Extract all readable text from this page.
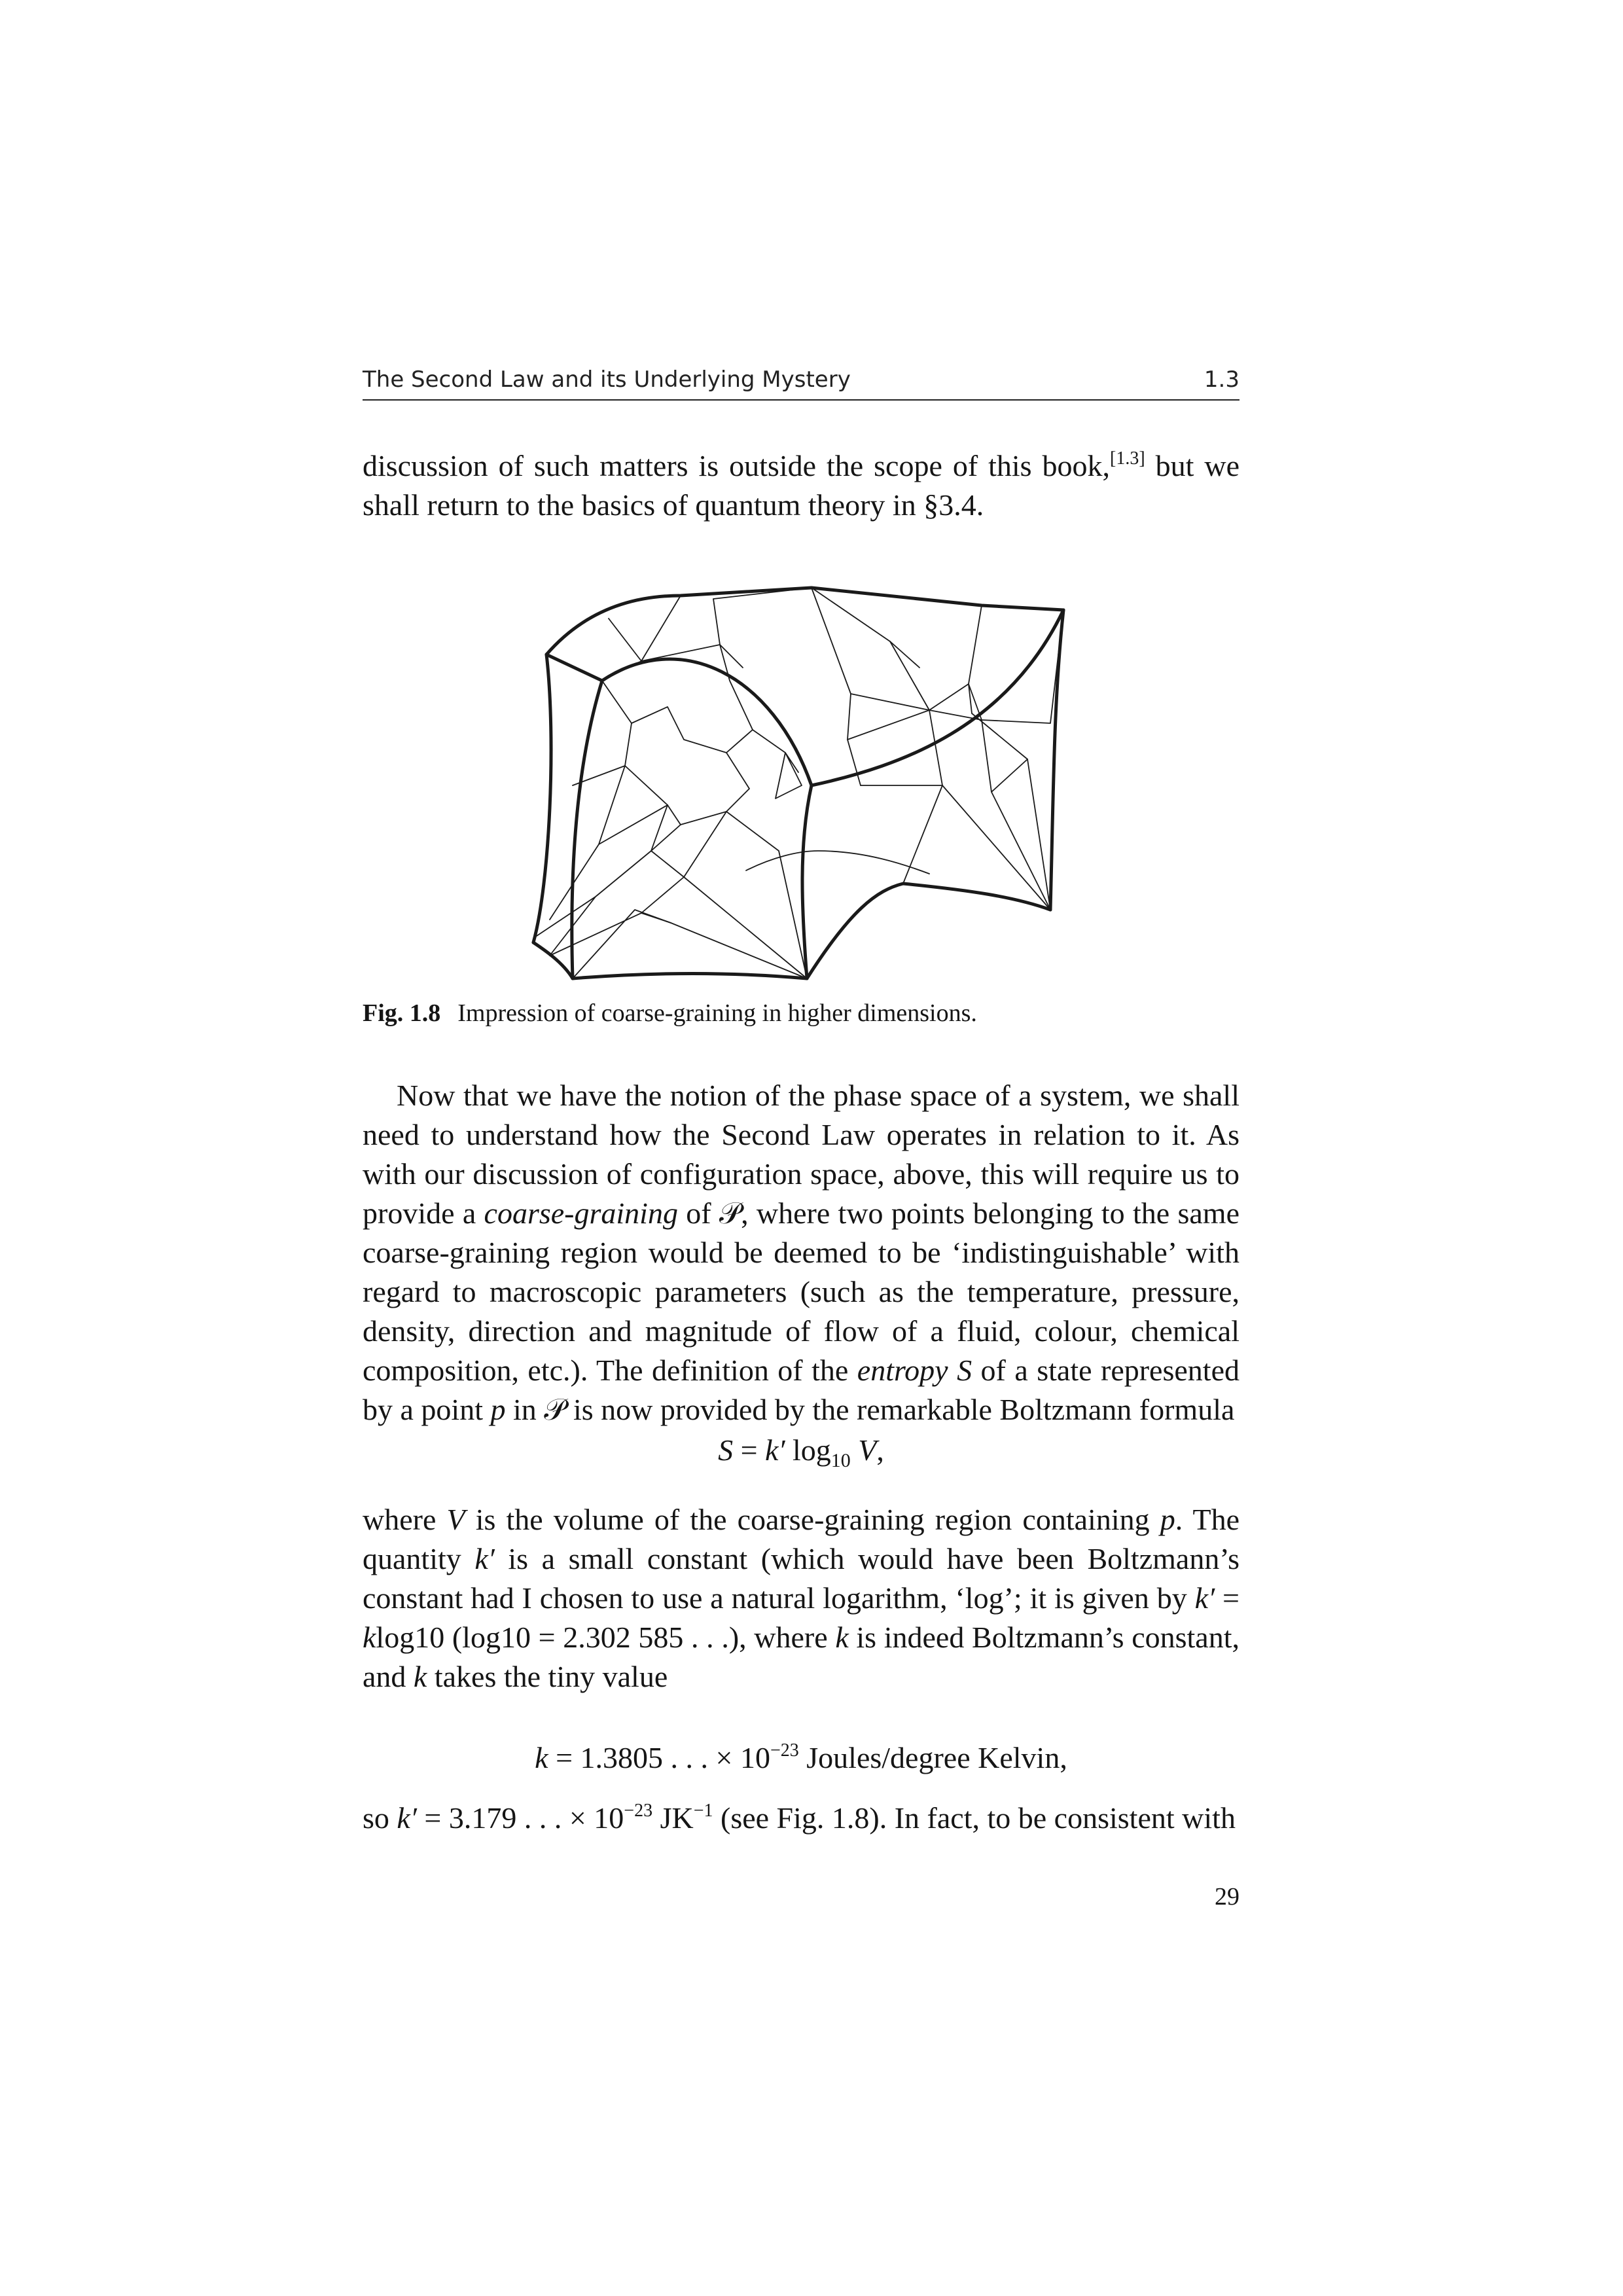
The Second Law and its Underlying Mystery	1.3

discussion of such matters is outside the scope of this book,[1.3] but we shall return to the basics of quantum theory in §3.4.

Fig. 1.8 Impression of coarse-graining in higher dimensions.

Now that we have the notion of the phase space of a system, we shall need to understand how the Second Law operates in relation to it. As with our discussion of configuration space, above, this will require us to provide a coarse-graining of 𝒫, where two points belonging to the same coarse-graining region would be deemed to be ‘indistinguishable’ with regard to macroscopic parameters (such as the temperature, pressure, density, direction and magnitude of flow of a fluid, colour, chemical composition, etc.). The definition of the entropy S of a state represented by a point p in 𝒫 is now provided by the remarkable Boltzmann formula

S = k′ $\log_{10} V$,

where V is the volume of the coarse-graining region containing p. The quantity k′ is a small constant (which would have been Boltzmann’s constant had I chosen to use a natural logarithm, ‘log’; it is given by k′ = klog10 (log10 = 2.302 585 . . .), where k is indeed Boltzmann’s constant, and k takes the tiny value

k = 1.3805 . . . × $10^{-23}$ Joules/degree Kelvin,

so k′ = 3.179 . . . × $10^{-23}$ $JK^{-1}$ (see Fig. 1.8). In fact, to be consistent with

29
